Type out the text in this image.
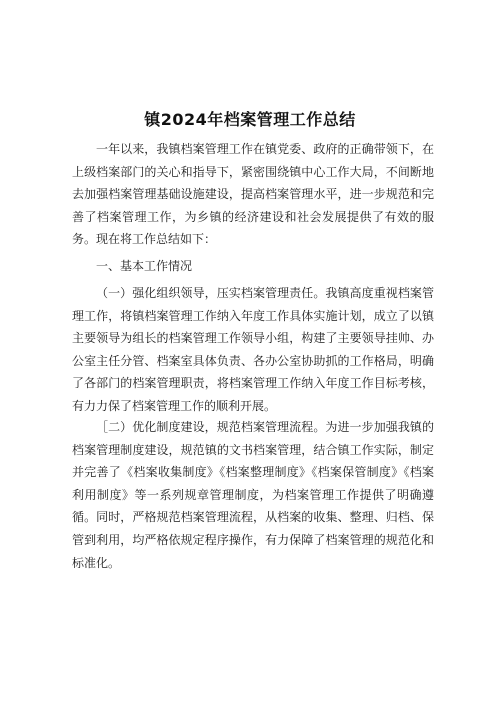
镇2024年档案管理工作总结

一年以来，我镇档案管理工作在镇党委、政府的正确带领下，在上级档案部门的关心和指导下，紧密围绕镇中心工作大局，不间断地去加强档案管理基础设施建设，提高档案管理水平，进一步规范和完善了档案管理工作，为乡镇的经济建设和社会发展提供了有效的服务。现在将工作总结如下：

一、基本工作情况

（一）强化组织领导，压实档案管理责任。我镇高度重视档案管理工作，将镇档案管理工作纳入年度工作具体实施计划，成立了以镇主要领导为组长的档案管理工作领导小组，构建了主要领导挂帅、办公室主任分管、档案室具体负责、各办公室协助抓的工作格局，明确了各部门的档案管理职责，将档案管理工作纳入年度工作目标考核，有力力保了档案管理工作的顺利开展。

［二）优化制度建设，规范档案管理流程。为进一步加强我镇的档案管理制度建设，规范镇的文书档案管理，结合镇工作实际，制定并完善了《档案收集制度》《档案整理制度》《档案保管制度》《档案利用制度》等一系列规章管理制度，为档案管理工作提供了明确遵循。同时，严格规范档案管理流程，从档案的收集、整理、归档、保管到利用，均严格依规定程序操作，有力保障了档案管理的规范化和标准化。
